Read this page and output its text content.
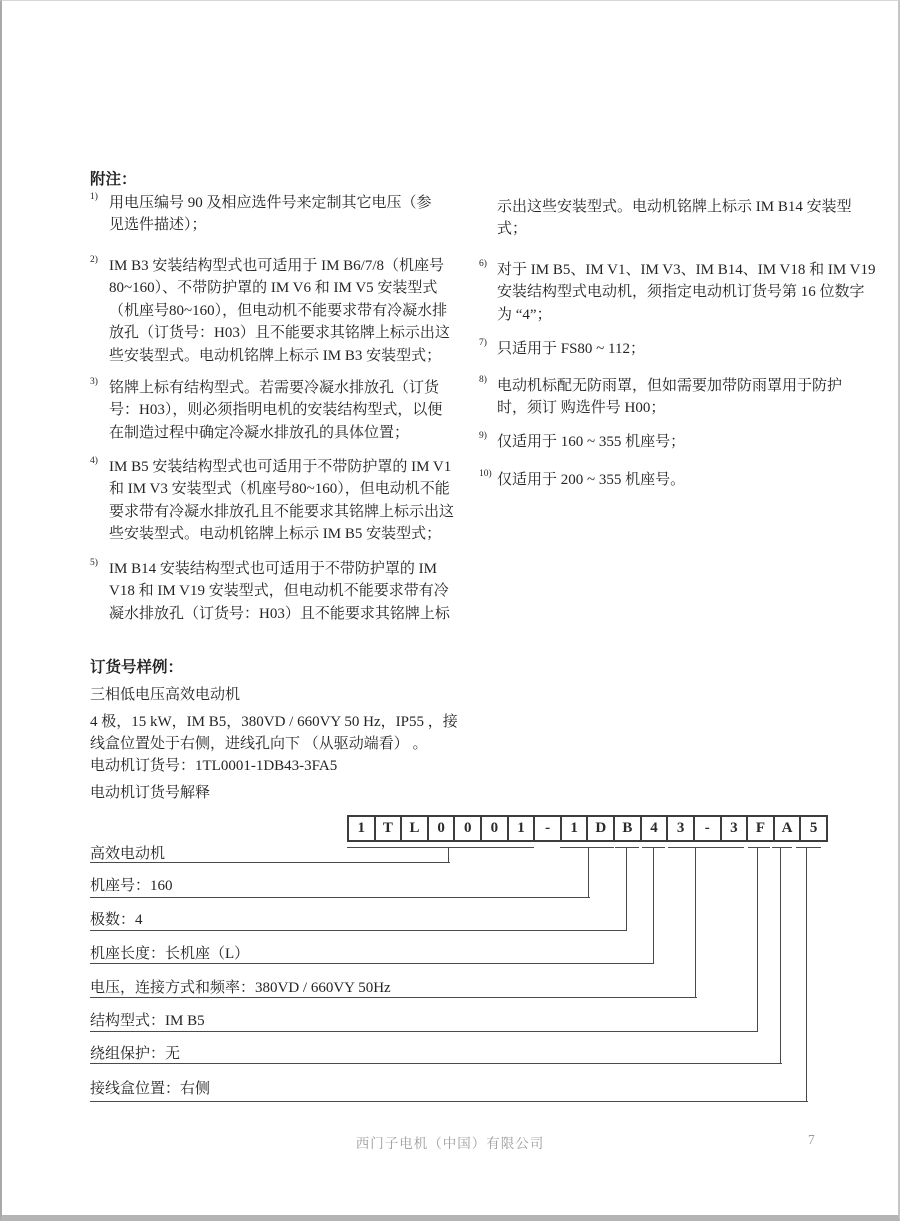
附注：
1) 用电压编号 90 及相应选件号来定制其它电压（参
见选件描述）；
2) IM B3 安装结构型式也可适用于 IM B6/7/8（机座号
80~160）、不带防护罩的 IM V6 和 IM V5 安装型式
（机座号80~160），但电动机不能要求带有冷凝水排
放孔（订货号：H03）且不能要求其铭牌上标示出这
些安装型式。电动机铭牌上标示 IM B3 安装型式；
3) 铭牌上标有结构型式。若需要冷凝水排放孔（订货
号：H03），则必须指明电机的安装结构型式，以便
在制造过程中确定冷凝水排放孔的具体位置；
4) IM B5 安装结构型式也可适用于不带防护罩的 IM V1
和 IM V3 安装型式（机座号80~160），但电动机不能
要求带有冷凝水排放孔且不能要求其铭牌上标示出这
些安装型式。电动机铭牌上标示 IM B5 安装型式；
5) IM B14 安装结构型式也可适用于不带防护罩的 IM
V18 和 IM V19 安装型式，但电动机不能要求带有冷
凝水排放孔（订货号：H03）且不能要求其铭牌上标
示出这些安装型式。电动机铭牌上标示 IM B14 安装型
式；
6) 对于 IM B5、IM V1、IM V3、IM B14、IM V18 和 IM V19
安装结构型式电动机，须指定电动机订货号第 16 位数字
为 “4”；
7) 只适用于 FS80 ~ 112；
8) 电动机标配无防雨罩，但如需要加带防雨罩用于防护
时，须订 购选件号 H00；
9) 仅适用于 160 ~ 355 机座号；
10) 仅适用于 200 ~ 355 机座号。
订货号样例：
三相低电压高效电动机
4 极，15 kW，IM B5，380VD / 660VY 50 Hz，IP55 ，接
线盒位置处于右侧，进线孔向下 （从驱动端看） 。
电动机订货号：1TL0001-1DB43-3FA5
电动机订货号解释
1	T	L	0	0	0	1	-	1	D	B	4	3	-	3	F	A	5
高效电动机
机座号：160
极数：4
机座长度：长机座（L）
电压，连接方式和频率：380VD / 660VY 50Hz
结构型式：IM B5
绕组保护：无
接线盒位置：右侧
西门子电机（中国）有限公司	7
